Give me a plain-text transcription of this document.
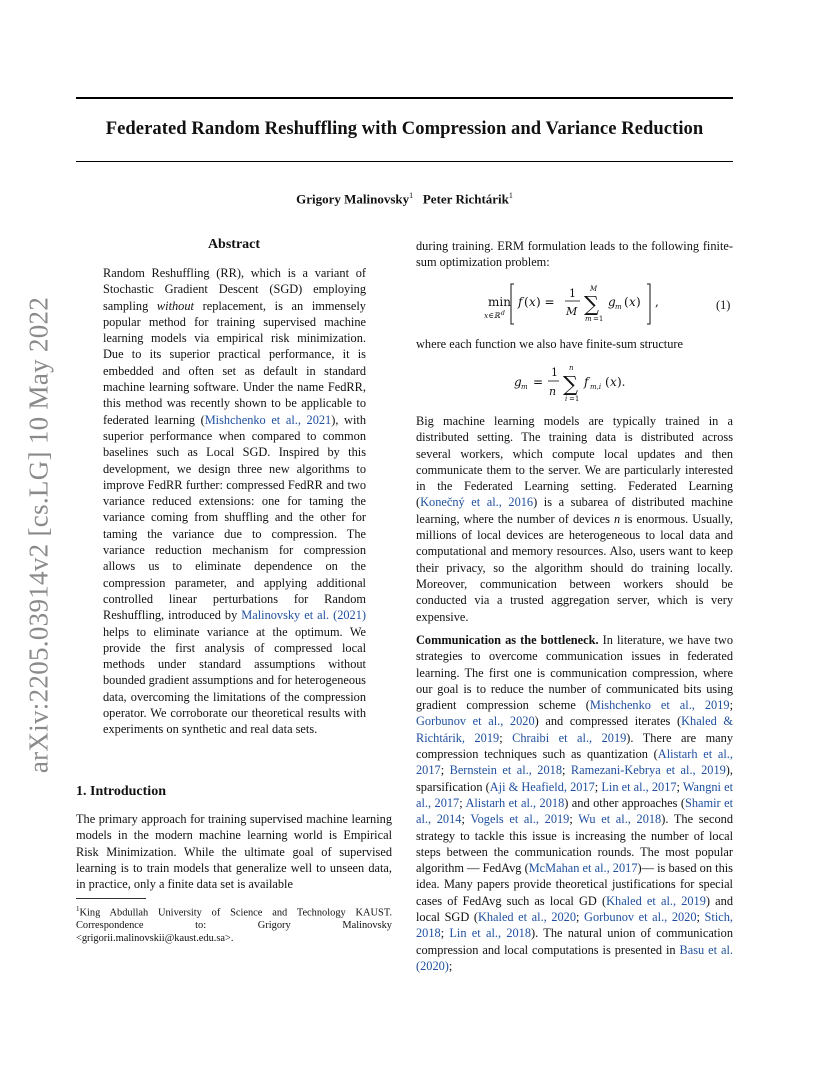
arXiv:2205.03914v2 [cs.LG] 10 May 2022
Federated Random Reshuffling with Compression and Variance Reduction
Grigory Malinovsky$^1$ Peter Richtárik$^1$
Abstract
Random Reshuffling (RR), which is a variant of Stochastic Gradient Descent (SGD) employing sampling without replacement, is an immensely popular method for training supervised machine learning models via empirical risk minimization. Due to its superior practical performance, it is embedded and often set as default in standard machine learning software. Under the name FedRR, this method was recently shown to be applicable to federated learning (Mishchenko et al., 2021), with superior performance when compared to common baselines such as Local SGD. Inspired by this development, we design three new algorithms to improve FedRR further: compressed FedRR and two variance reduced extensions: one for taming the variance coming from shuffling and the other for taming the variance due to compression. The variance reduction mechanism for compression allows us to eliminate dependence on the compression parameter, and applying additional controlled linear perturbations for Random Reshuffling, introduced by Malinovsky et al. (2021) helps to eliminate variance at the optimum. We provide the first analysis of compressed local methods under standard assumptions without bounded gradient assumptions and for heterogeneous data, overcoming the limitations of the compression operator. We corroborate our theoretical results with experiments on synthetic and real data sets.
1. Introduction
The primary approach for training supervised machine learning models in the modern machine learning world is Empirical Risk Minimization. While the ultimate goal of supervised learning is to train models that generalize well to unseen data, in practice, only a finite data set is available
$^1$King Abdullah University of Science and Technology KAUST. Correspondence to: Grigory Malinovsky <grigorii.malinovskii@kaust.edu.sa>.
during training. ERM formulation leads to the following finite-sum optimization problem:
min
x∈ℝ d
f ( x ) =
1
M
M
∑
m =1
g m ( x ) ,	(1)
where each function we also have finite-sum structure
g m =
1
n
n
∑
i =1
f m,i ( x ).
Big machine learning models are typically trained in a distributed setting. The training data is distributed across several workers, which compute local updates and then communicate them to the server. We are particularly interested in the Federated Learning setting. Federated Learning (Konečný et al., 2016) is a subarea of distributed machine learning, where the number of devices n is enormous. Usually, millions of local devices are heterogeneous to local data and computational and memory resources. Also, users want to keep their privacy, so the algorithm should do training locally. Moreover, communication between workers should be conducted via a trusted aggregation server, which is very expensive.
Communication as the bottleneck. In literature, we have two strategies to overcome communication issues in federated learning. The first one is communication compression, where our goal is to reduce the number of communicated bits using gradient compression scheme (Mishchenko et al., 2019; Gorbunov et al., 2020) and compressed iterates (Khaled & Richtárik, 2019; Chraibi et al., 2019). There are many compression techniques such as quantization (Alistarh et al., 2017; Bernstein et al., 2018; Ramezani-Kebrya et al., 2019), sparsification (Aji & Heafield, 2017; Lin et al., 2017; Wangni et al., 2017; Alistarh et al., 2018) and other approaches (Shamir et al., 2014; Vogels et al., 2019; Wu et al., 2018). The second strategy to tackle this issue is increasing the number of local steps between the communication rounds. The most popular algorithm — FedAvg (McMahan et al., 2017)— is based on this idea. Many papers provide theoretical justifications for special cases of FedAvg such as local GD (Khaled et al., 2019) and local SGD (Khaled et al., 2020; Gorbunov et al., 2020; Stich, 2018; Lin et al., 2018). The natural union of communication compression and local computations is presented in Basu et al. (2020);
